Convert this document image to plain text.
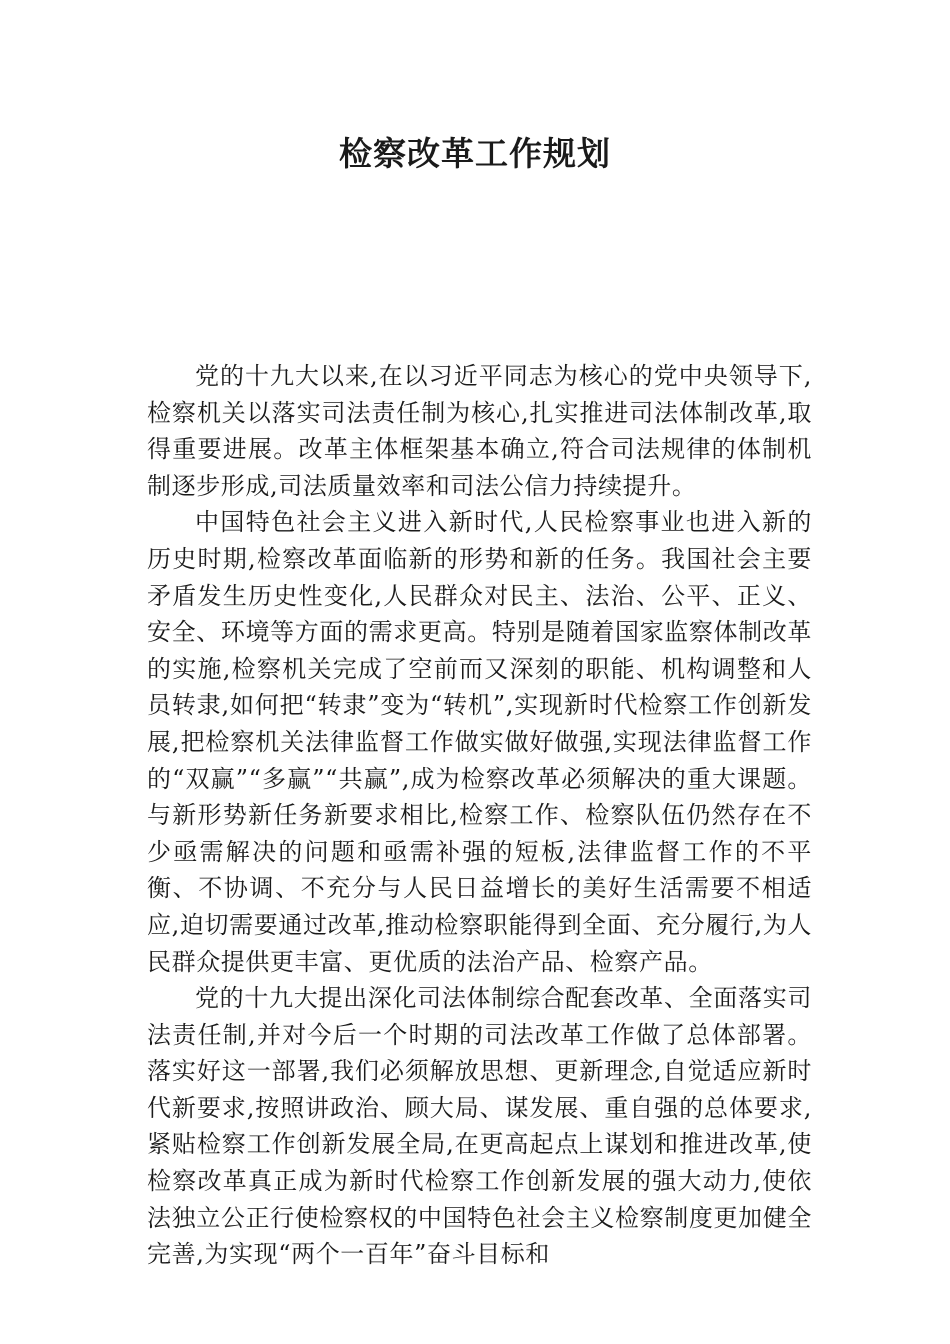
检察改革工作规划

党的十九大以来,在以习近平同志为核心的党中央领导下,检察机关以落实司法责任制为核心,扎实推进司法体制改革,取得重要进展。改革主体框架基本确立,符合司法规律的体制机制逐步形成,司法质量效率和司法公信力持续提升。

中国特色社会主义进入新时代,人民检察事业也进入新的历史时期,检察改革面临新的形势和新的任务。我国社会主要矛盾发生历史性变化,人民群众对民主、法治、公平、正义、安全、环境等方面的需求更高。特别是随着国家监察体制改革的实施,检察机关完成了空前而又深刻的职能、机构调整和人员转隶,如何把“转隶”变为“转机”,实现新时代检察工作创新发展,把检察机关法律监督工作做实做好做强,实现法律监督工作的“双赢”“多赢”“共赢”,成为检察改革必须解决的重大课题。与新形势新任务新要求相比,检察工作、检察队伍仍然存在不少亟需解决的问题和亟需补强的短板,法律监督工作的不平衡、不协调、不充分与人民日益增长的美好生活需要不相适应,迫切需要通过改革,推动检察职能得到全面、充分履行,为人民群众提供更丰富、更优质的法治产品、检察产品。

党的十九大提出深化司法体制综合配套改革、全面落实司法责任制,并对今后一个时期的司法改革工作做了总体部署。落实好这一部署,我们必须解放思想、更新理念,自觉适应新时代新要求,按照讲政治、顾大局、谋发展、重自强的总体要求,紧贴检察工作创新发展全局,在更高起点上谋划和推进改革,使检察改革真正成为新时代检察工作创新发展的强大动力,使依法独立公正行使检察权的中国特色社会主义检察制度更加健全完善,为实现“两个一百年”奋斗目标和
